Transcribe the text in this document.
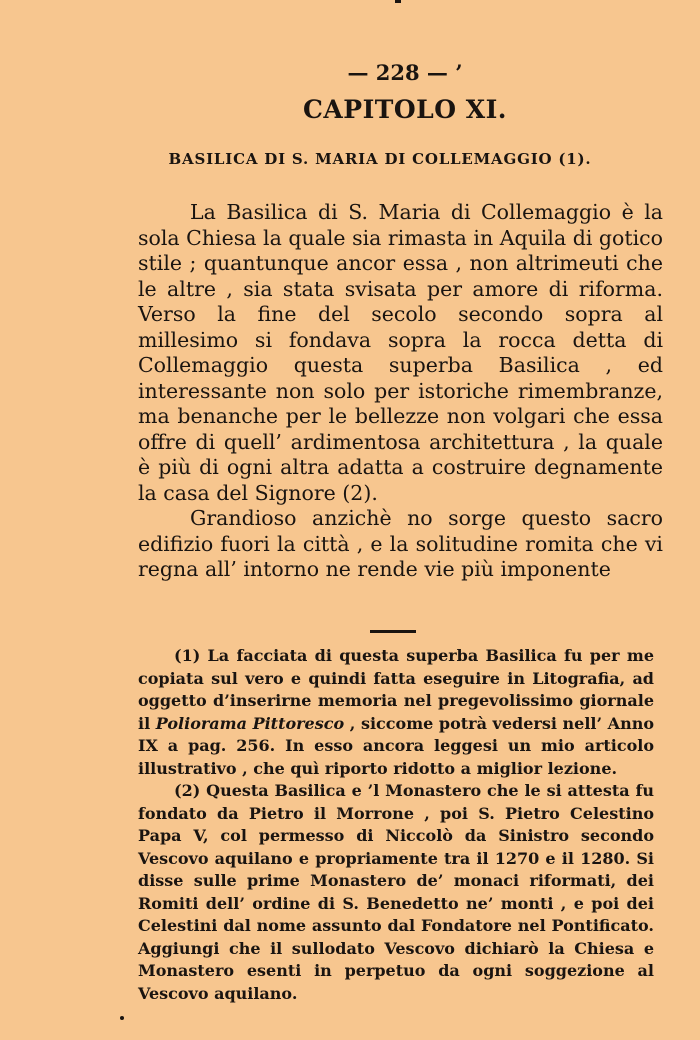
— 228 — ’
CAPITOLO XI.
BASILICA DI S. MARIA DI COLLEMAGGIO (1).

La Basilica di S. Maria di Collemaggio è la sola Chiesa la quale sia rimasta in Aquila di gotico stile ; quantunque ancor essa , non altrimeuti che le altre , sia stata svisata per amore di riforma. Verso la fine del secolo secondo sopra al millesimo si fondava sopra la rocca detta di Collemaggio questa superba Basilica , ed interessante non solo per istoriche rimembranze, ma benanche per le bellezze non volgari che essa offre di quell’ ardimentosa architettura , la quale è più di ogni altra adatta a costruire degnamente la casa del Signore (2).

Grandioso anzichè no sorge questo sacro edifizio fuori la città , e la solitudine romita che vi regna all’ intorno ne rende vie più imponente

(1) La facciata di questa superba Basilica fu per me copiata sul vero e quindi fatta eseguire in Litografia, ad oggetto d’inserirne memoria nel pregevolissimo giornale il Poliorama Pittoresco , siccome potrà vedersi nell’ Anno IX a pag. 256. In esso ancora leggesi un mio articolo illustrativo , che quì riporto ridotto a miglior lezione.

(2) Questa Basilica e ’l Monastero che le si attesta fu fondato da Pietro il Morrone , poi S. Pietro Celestino Papa V, col permesso di Niccolò da Sinistro secondo Vescovo aquilano e propriamente tra il 1270 e il 1280. Si disse sulle prime Monastero de’ monaci riformati, dei Romiti dell’ ordine di S. Benedetto ne’ monti , e poi dei Celestini dal nome assunto dal Fondatore nel Pontificato. Aggiungi che il sullodato Vescovo dichiarò la Chiesa e Monastero esenti in perpetuo da ogni soggezione al Vescovo aquilano.
